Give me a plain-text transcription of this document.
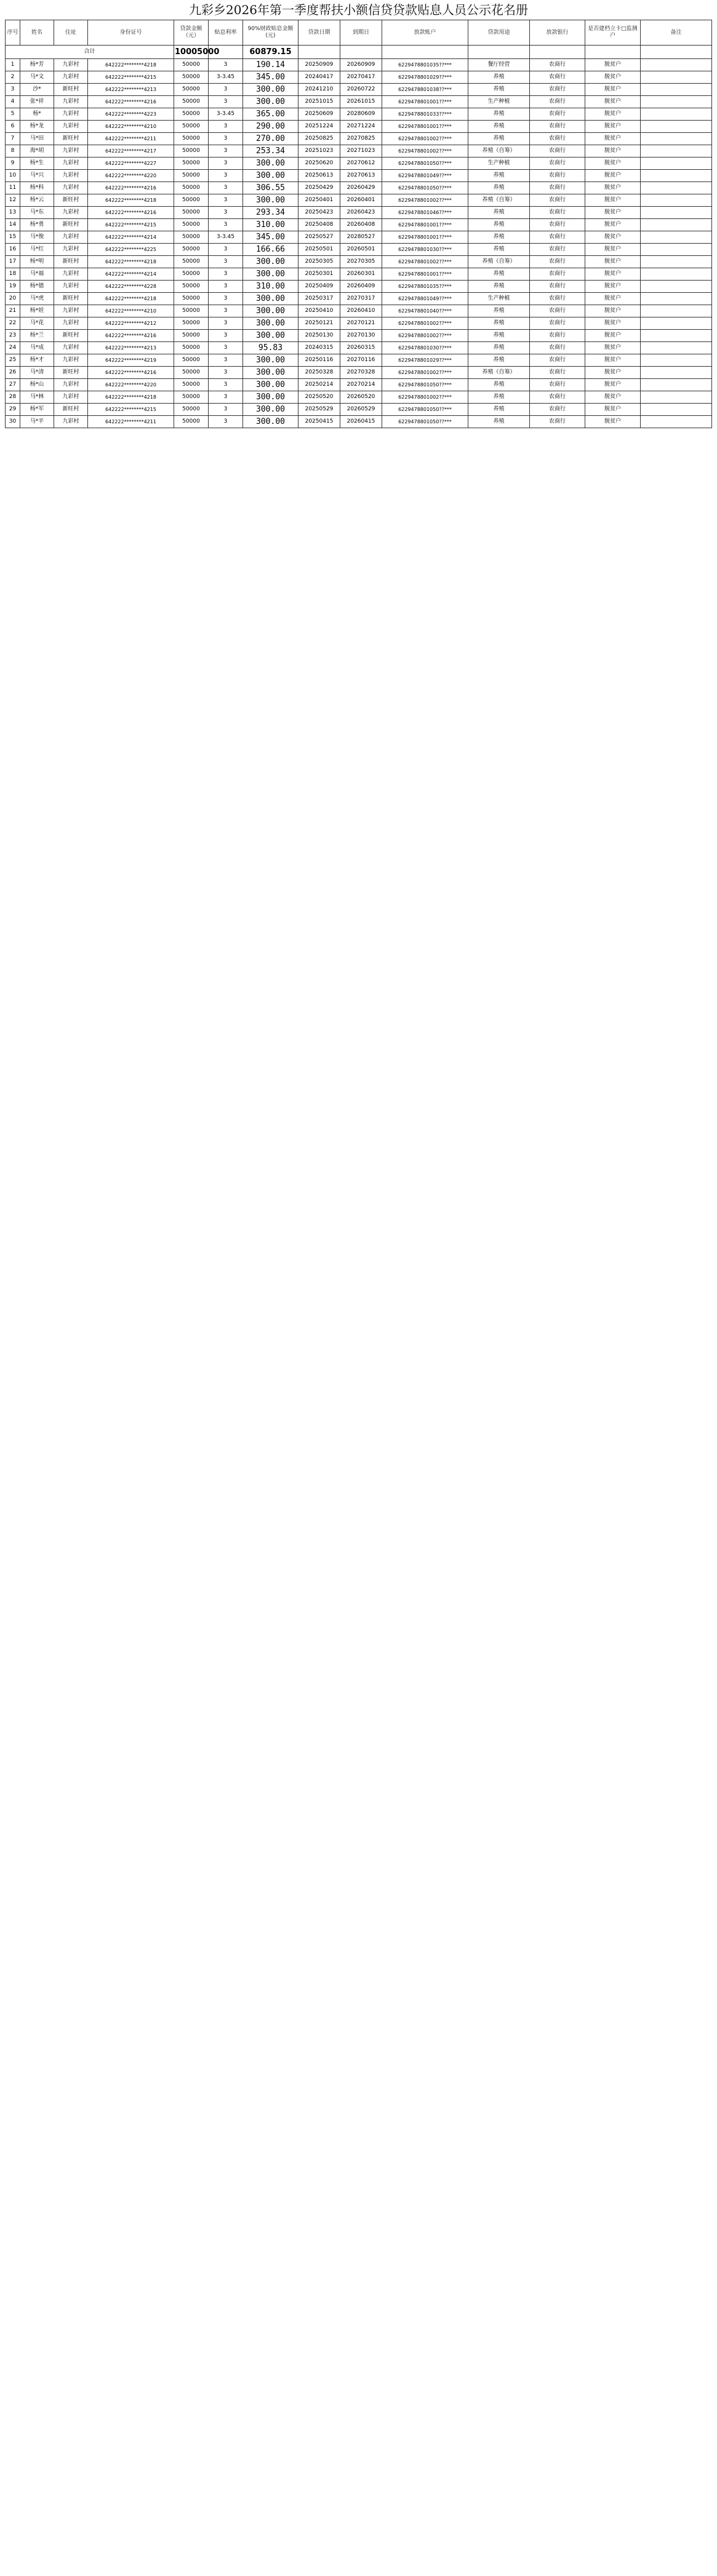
九彩乡2026年第一季度帮扶小额信贷贷款贴息人员公示花名册
序号	姓名	住址	身份证号	贷款金额（元）	贴息利率	90%财政贴息金额(元)	贷款日期	到期日	放款账户	贷款用途	放款银行	是否建档立卡□监测户	备注
合计				10005000		60879.15							
1	杨*芳	九彩村	642222********4218	50000	3	190.14	20250909	20260909	6229478801035??***	餐厅经营	农商行	脱贫户	
2	马*文	九彩村	642222********4215	50000	3-3.45	345.00	20240417	20270417	6229478801029??***	养殖	农商行	脱贫户	
3	沙*	新旺村	642222********4213	50000	3	300.00	20241210	20260722	6229478801038??***	养殖	农商行	脱贫户	
4	张*祥	九彩村	642222********4216	50000	3	300.00	20251015	20261015	6229478801001??***	生产种植	农商行	脱贫户	
5	杨*	九彩村	642222********4223	50000	3-3.45	365.00	20250609	20280609	6229478801033??***	养殖	农商行	脱贫户	
6	杨*龙	九彩村	642222********4210	50000	3	290.00	20251224	20271224	6229478801001??***	养殖	农商行	脱贫户	
7	马*田	新旺村	642222********4211	50000	3	270.00	20250825	20270825	6229478801002??***	养殖	农商行	脱贫户	
8	海*胡	九彩村	642222********4217	50000	3	253.34	20251023	20271023	6229478801002??***	养殖（自筹）	农商行	脱贫户	
9	杨*生	九彩村	642222********4227	50000	3	300.00	20250620	20270612	6229478801050??***	生产种植	农商行	脱贫户	
10	马*兴	九彩村	642222********4220	50000	3	300.00	20250613	20270613	6229478801049??***	养殖	农商行	脱贫户	
11	杨*科	九彩村	642222********4216	50000	3	306.55	20250429	20260429	6229478801050??***	养殖	农商行	脱贫户	
12	杨*云	新旺村	642222********4218	50000	3	300.00	20250401	20260401	6229478801002??***	养殖（自筹）	农商行	脱贫户	
13	马*东	九彩村	642222********4216	50000	3	293.34	20250423	20260423	6229478801046??***	养殖	农商行	脱贫户	
14	杨*勇	新旺村	642222********4215	50000	3	310.00	20250408	20260408	6229478801001??***	养殖	农商行	脱贫户	
15	马*俊	九彩村	642222********4214	50000	3-3.45	345.00	20250527	20280527	6229478801001??***	养殖	农商行	脱贫户	
16	马*红	九彩村	642222********4225	50000	3	166.66	20250501	20260501	6229478801030??***	养殖	农商行	脱贫户	
17	杨*明	新旺村	642222********4218	50000	3	300.00	20250305	20270305	6229478801002??***	养殖（自筹）	农商行	脱贫户	
18	马*福	九彩村	642222********4214	50000	3	300.00	20250301	20260301	6229478801001??***	养殖	农商行	脱贫户	
19	杨*德	九彩村	642222********4228	50000	3	310.00	20250409	20260409	6229478801035??***	养殖	农商行	脱贫户	
20	马*虎	新旺村	642222********4218	50000	3	300.00	20250317	20270317	6229478801049??***	生产种植	农商行	脱贫户	
21	杨*娃	九彩村	642222********4210	50000	3	300.00	20250410	20260410	6229478801040??***	养殖	农商行	脱贫户	
22	马*花	九彩村	642222********4212	50000	3	300.00	20250121	20270121	6229478801002??***	养殖	农商行	脱贫户	
23	杨*兰	新旺村	642222********4216	50000	3	300.00	20250130	20270130	6229478801002??***	养殖	农商行	脱贫户	
24	马*成	九彩村	642222********4213	50000	3	95.83	20240315	20260315	6229478801030??***	养殖	农商行	脱贫户	
25	杨*才	九彩村	642222********4219	50000	3	300.00	20250116	20270116	6229478801029??***	养殖	农商行	脱贫户	
26	马*清	新旺村	642222********4216	50000	3	300.00	20250328	20270328	6229478801002??***	养殖（自筹）	农商行	脱贫户	
27	杨*山	九彩村	642222********4220	50000	3	300.00	20250214	20270214	6229478801050??***	养殖	农商行	脱贫户	
28	马*林	九彩村	642222********4218	50000	3	300.00	20250520	20260520	6229478801002??***	养殖	农商行	脱贫户	
29	杨*军	新旺村	642222********4215	50000	3	300.00	20250529	20260529	6229478801050??***	养殖	农商行	脱贫户	
30	马*平	九彩村	642222********4211	50000	3	300.00	20250415	20260415	6229478801050??***	养殖	农商行	脱贫户	
